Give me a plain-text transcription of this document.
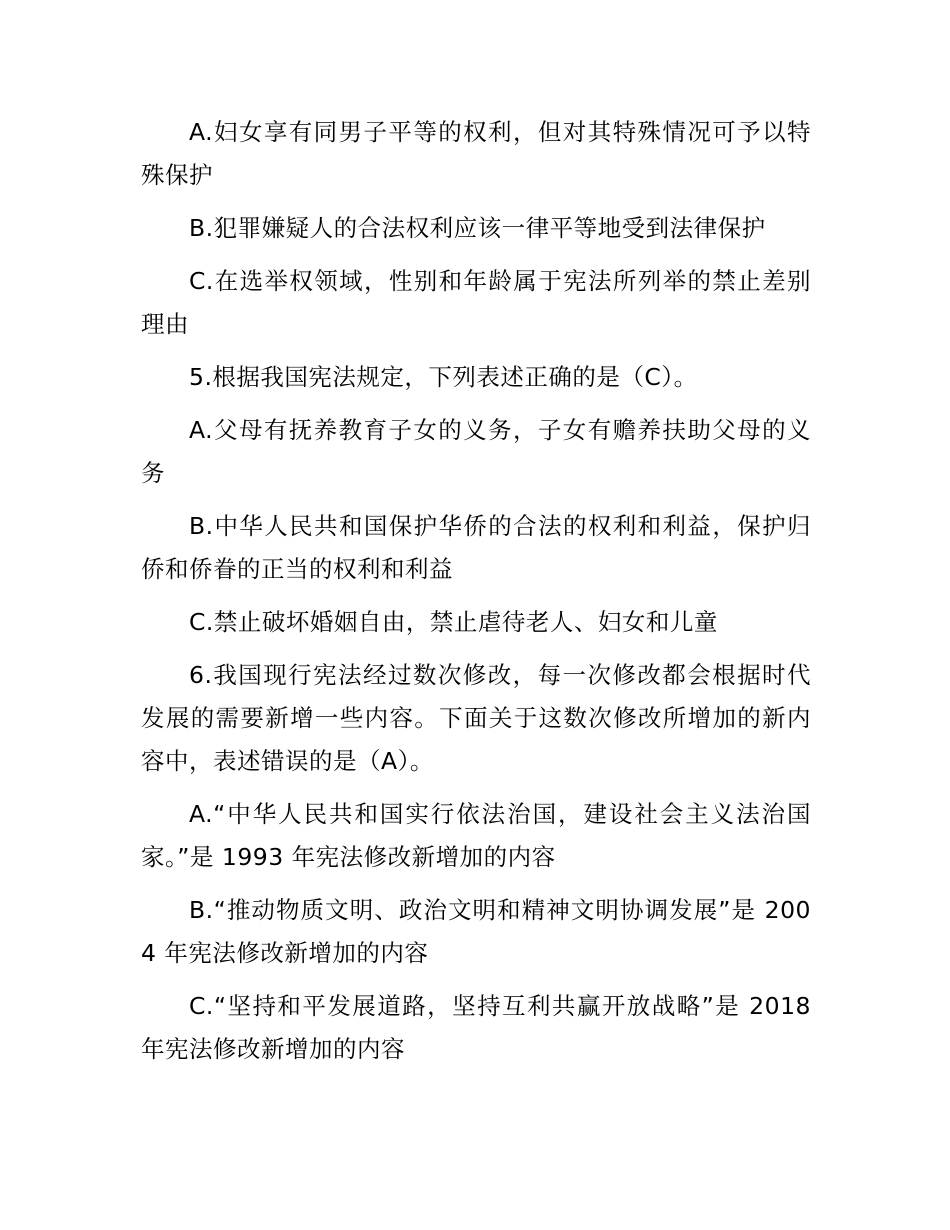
A.妇女享有同男子平等的权利，但对其特殊情况可予以特殊保护

B.犯罪嫌疑人的合法权利应该一律平等地受到法律保护

C.在选举权领域，性别和年龄属于宪法所列举的禁止差别理由

5.根据我国宪法规定，下列表述正确的是（C）。

A.父母有抚养教育子女的义务，子女有赡养扶助父母的义务

B.中华人民共和国保护华侨的合法的权利和利益，保护归侨和侨眷的正当的权利和利益

C.禁止破坏婚姻自由，禁止虐待老人、妇女和儿童

6.我国现行宪法经过数次修改，每一次修改都会根据时代发展的需要新增一些内容。下面关于这数次修改所增加的新内容中，表述错误的是（A）。

A.“中华人民共和国实行依法治国，建设社会主义法治国家。”是 1993 年宪法修改新增加的内容

B.“推动物质文明、政治文明和精神文明协调发展”是 2004 年宪法修改新增加的内容

C.“坚持和平发展道路，坚持互利共赢开放战略”是 2018 年宪法修改新增加的内容
